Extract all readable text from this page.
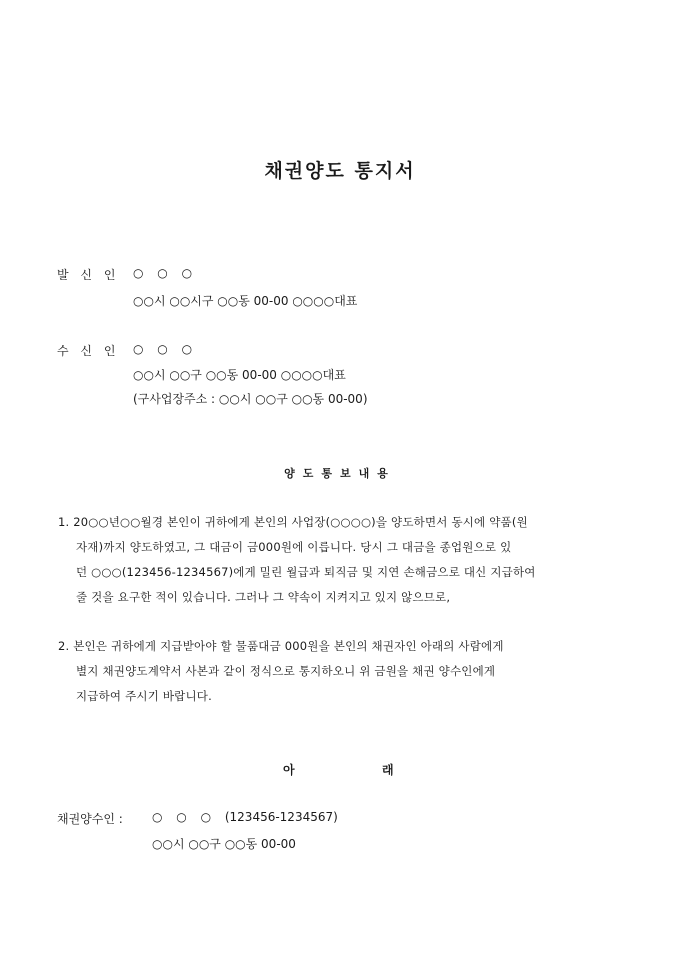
채권양도 통지서
발 신 인 ○ ○ ○
○○시 ○○시구 ○○동 00-00 ○○○○대표
수 신 인 ○ ○ ○
○○시 ○○구 ○○동 00-00 ○○○○대표
(구사업장주소 : ○○시 ○○구 ○○동 00-00)
양도통보내용
1. 20○○년○○월경 본인이 귀하에게 본인의 사업장(○○○○)을 양도하면서 동시에 약품(원
자재)까지 양도하였고, 그 대금이 금000원에 이릅니다. 당시 그 대금을 종업원으로 있
던 ○○○(123456-1234567)에게 밀린 월급과 퇴직금 및 지연 손해금으로 대신 지급하여
줄 것을 요구한 적이 있습니다. 그러나 그 약속이 지켜지고 있지 않으므로,
2. 본인은 귀하에게 지급받아야 할 물품대금 000원을 본인의 채권자인 아래의 사람에게
별지 채권양도계약서 사본과 같이 정식으로 통지하오니 위 금원을 채권 양수인에게
지급하여 주시기 바랍니다.
아	래
채권양수인 : ○ ○ ○ (123456-1234567)
○○시 ○○구 ○○동 00-00
